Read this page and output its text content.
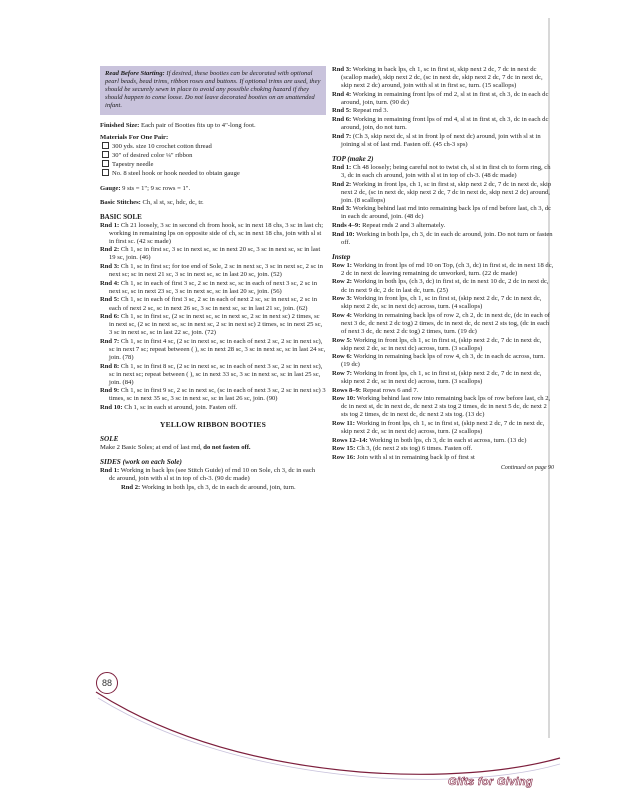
Read Before Starting: If desired, these booties can be decorated with optional pearl beads, bead trims, ribbon roses and buttons. If optional trims are used, they should be securely sewn in place to avoid any possible choking hazard if they should happen to come loose. Do not leave decorated booties on an unattended infant.

Finished Size: Each pair of Booties fits up to 4"-long foot.

Materials For One Pair:
300 yds. size 10 crochet cotton thread
30" of desired color ¼" ribbon
Tapestry needle
No. 8 steel hook or hook needed to obtain gauge

Gauge: 9 sts = 1"; 9 sc rows = 1".

Basic Stitches: Ch, sl st, sc, hdc, dc, tr.

BASIC SOLE
Rnd 1: Ch 21 loosely, 3 sc in second ch from hook, sc in next 18 chs, 3 sc in last ch; working in remaining lps on opposite side of ch, sc in next 18 chs, join with sl st in first sc. (42 sc made)
Rnd 2: Ch 1, sc in first sc, 3 sc in next sc, sc in next 20 sc, 3 sc in next sc, sc in last 19 sc, join. (46)
Rnd 3: Ch 1, sc in first sc; for toe end of Sole, 2 sc in next sc, 3 sc in next sc, 2 sc in next sc; sc in next 21 sc, 3 sc in next sc, sc in last 20 sc, join. (52)
Rnd 4: Ch 1, sc in each of first 3 sc, 2 sc in next sc, sc in each of next 3 sc, 2 sc in next sc, sc in next 23 sc, 3 sc in next sc, sc in last 20 sc, join. (56)
Rnd 5: Ch 1, sc in each of first 3 sc, 2 sc in each of next 2 sc, sc in next sc, 2 sc in each of next 2 sc, sc in next 26 sc, 3 sc in next sc, sc in last 21 sc, join. (62)
Rnd 6: Ch 1, sc in first sc, (2 sc in next sc, sc in next sc, 2 sc in next sc) 2 times, sc in next sc, (2 sc in next sc, sc in next sc, 2 sc in next sc) 2 times, sc in next 25 sc, 3 sc in next sc, sc in last 22 sc, join. (72)
Rnd 7: Ch 1, sc in first 4 sc, (2 sc in next sc, sc in each of next 2 sc, 2 sc in next sc), sc in next 7 sc; repeat between ( ), sc in next 28 sc, 3 sc in next sc, sc in last 24 sc, join. (78)
Rnd 8: Ch 1, sc in first 8 sc, (2 sc in next sc, sc in each of next 3 sc, 2 sc in next sc), sc in next sc; repeat between ( ), sc in next 33 sc, 3 sc in next sc, sc in last 25 sc, join. (84)
Rnd 9: Ch 1, sc in first 9 sc, 2 sc in next sc, (sc in each of next 3 sc, 2 sc in next sc) 3 times, sc in next 35 sc, 3 sc in next sc, sc in last 26 sc, join. (90)
Rnd 10: Ch 1, sc in each st around, join. Fasten off.
YELLOW RIBBON BOOTIES
SOLE

Make 2 Basic Soles; at end of last rnd, do not fasten off.

SIDES (work on each Sole)
Rnd 1: Working in back lps (see Stitch Guide) of rnd 10 on Sole, ch 3, dc in each dc around, join with sl st in top of ch-3. (90 dc made)
Rnd 2: Working in both lps, ch 3, dc in each dc around, join, turn.
Rnd 3: Working in back lps, ch 1, sc in first st, skip next 2 dc, 7 dc in next dc (scallop made), skip next 2 dc, (sc in next dc, skip next 2 dc, 7 dc in next dc, skip next 2 dc) around, join with sl st in first sc, turn. (15 scallops)
Rnd 4: Working in remaining front lps of rnd 2, sl st in first st, ch 3, dc in each dc around, join, turn. (90 dc)
Rnd 5: Repeat rnd 3.
Rnd 6: Working in remaining front lps of rnd 4, sl st in first st, ch 3, dc in each dc around, join, do not turn.
Rnd 7: (Ch 3, skip next dc, sl st in front lp of next dc) around, join with sl st in joining sl st of last rnd. Fasten off. (45 ch-3 sps)
TOP (make 2)
Rnd 1: Ch 48 loosely; being careful not to twist ch, sl st in first ch to form ring, ch 3, dc in each ch around, join with sl st in top of ch-3. (48 dc made)
Rnd 2: Working in front lps, ch 1, sc in first st, skip next 2 dc, 7 dc in next dc, skip next 2 dc, (sc in next dc, skip next 2 dc, 7 dc in next dc, skip next 2 dc) around, join. (8 scallops)
Rnd 3: Working behind last rnd into remaining back lps of rnd before last, ch 3, dc in each dc around, join. (48 dc)
Rnds 4–9: Repeat rnds 2 and 3 alternately.
Rnd 10: Working in both lps, ch 3, dc in each dc around, join. Do not turn or fasten off.
Instep
Row 1: Working in front lps of rnd 10 on Top, (ch 3, dc) in first st, dc in next 18 dc, 2 dc in next dc leaving remaining dc unworked, turn. (22 dc made)
Row 2: Working in both lps, (ch 3, dc) in first st, dc in next 10 dc, 2 dc in next dc, dc in next 9 dc, 2 dc in last dc, turn. (25)
Row 3: Working in front lps, ch 1, sc in first st, (skip next 2 dc, 7 dc in next dc, skip next 2 dc, sc in next dc) across, turn. (4 scallops)
Row 4: Working in remaining back lps of row 2, ch 2, dc in next dc, (dc in each of next 3 dc, dc next 2 dc tog) 2 times, dc in next dc, dc next 2 sts tog, (dc in each of next 3 dc, dc next 2 dc tog) 2 times, turn. (19 dc)
Row 5: Working in front lps, ch 1, sc in first st, (skip next 2 dc, 7 dc in next dc, skip next 2 dc, sc in next dc) across, turn. (3 scallops)
Row 6: Working in remaining back lps of row 4, ch 3, dc in each dc across, turn. (19 dc)
Row 7: Working in front lps, ch 1, sc in first st, (skip next 2 dc, 7 dc in next dc, skip next 2 dc, sc in next dc) across, turn. (3 scallops)
Rows 8–9: Repeat rows 6 and 7.
Row 10: Working behind last row into remaining back lps of row before last, ch 2, dc in next st, dc in next dc, dc next 2 sts tog 2 times, dc in next 5 dc, dc next 2 sts tog 2 times, dc in next dc, dc next 2 sts tog. (13 dc)
Row 11: Working in front lps, ch 1, sc in first st, (skip next 2 dc, 7 dc in next dc, skip next 2 dc, sc in next dc) across, turn. (2 scallops)
Rows 12–14: Working in both lps, ch 3, dc in each st across, turn. (13 dc)
Row 15: Ch 3, (dc next 2 sts tog) 6 times. Fasten off.
Row 16: Join with sl st in remaining back lp of first st
Continued on page 90
88
Gifts for Giving
